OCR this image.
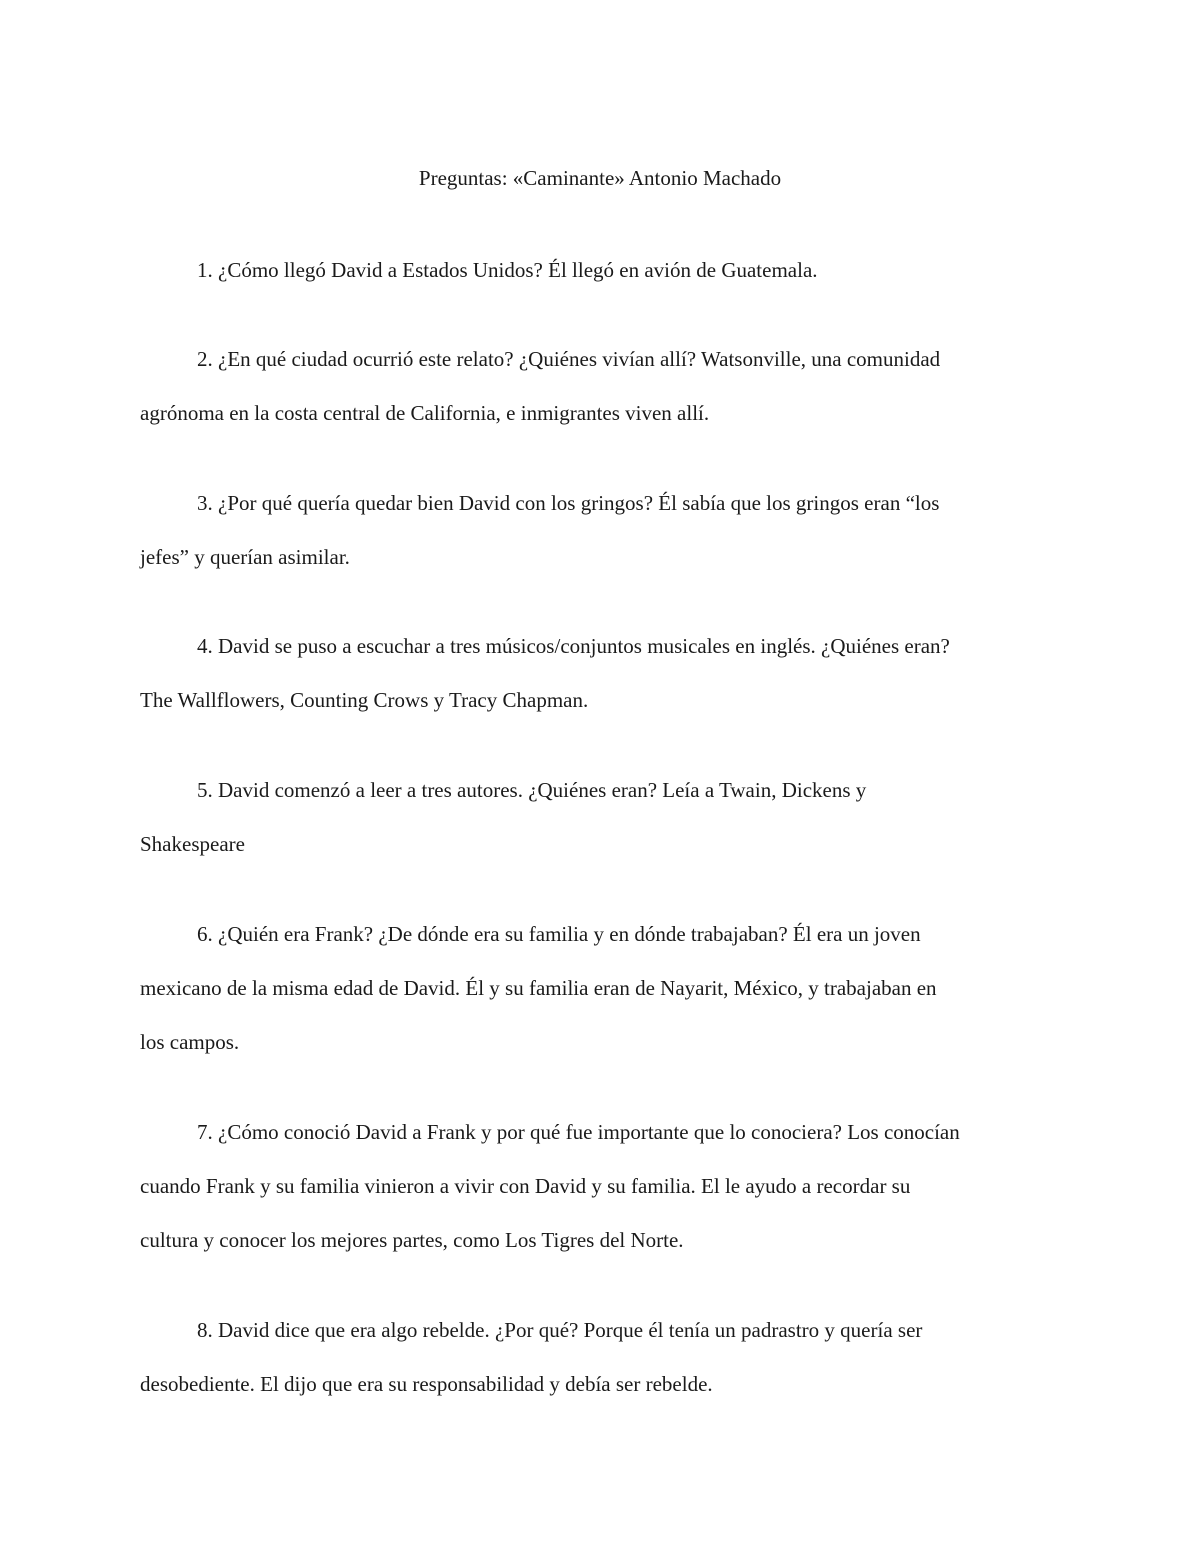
Preguntas: «Caminante» Antonio Machado
1. ¿Cómo llegó David a Estados Unidos? Él llegó en avión de Guatemala.
2. ¿En qué ciudad ocurrió este relato? ¿Quiénes vivían allí? Watsonville, una comunidad
agrónoma en la costa central de California, e inmigrantes viven allí.
3. ¿Por qué quería quedar bien David con los gringos? Él sabía que los gringos eran “los
jefes” y querían asimilar.
4. David se puso a escuchar a tres músicos/conjuntos musicales en inglés. ¿Quiénes eran?
The Wallflowers, Counting Crows y Tracy Chapman.
5. David comenzó a leer a tres autores. ¿Quiénes eran? Leía a Twain, Dickens y
Shakespeare
6. ¿Quién era Frank? ¿De dónde era su familia y en dónde trabajaban? Él era un joven
mexicano de la misma edad de David. Él y su familia eran de Nayarit, México, y trabajaban en
los campos.
7. ¿Cómo conoció David a Frank y por qué fue importante que lo conociera? Los conocían
cuando Frank y su familia vinieron a vivir con David y su familia. El le ayudo a recordar su
cultura y conocer los mejores partes, como Los Tigres del Norte.
8. David dice que era algo rebelde. ¿Por qué? Porque él tenía un padrastro y quería ser
desobediente. El dijo que era su responsabilidad y debía ser rebelde.
